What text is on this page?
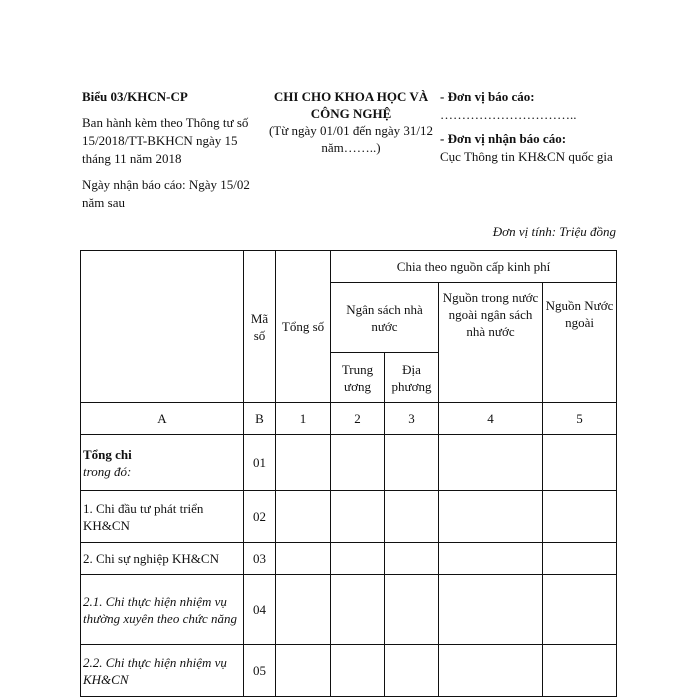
Biểu 03/KHCN-CP
Ban hành kèm theo Thông tư số 15/2018/TT-BKHCN ngày 15 tháng 11 năm 2018
Ngày nhận báo cáo: Ngày 15/02 năm sau
CHI CHO KHOA HỌC VÀ
CÔNG NGHỆ
(Từ ngày 01/01 đến ngày 31/12 năm……..)
- Đơn vị báo cáo:
…………………………..
- Đơn vị nhận báo cáo:
Cục Thông tin KH&CN quốc gia
Đơn vị tính: Triệu đồng
	Mã số	Tổng số	Chia theo nguồn cấp kinh phí			
			Ngân sách nhà nước		Nguồn trong nước ngoài ngân sách nhà nước	Nguồn Nước ngoài
			Trung ương	Địa phương		
A	B	1	2	3	4	5

Tổng chi
trong đó:	01					
1. Chi đầu tư phát triển KH&CN	02					
2. Chi sự nghiệp KH&CN	03					
2.1. Chi thực hiện nhiệm vụ thường xuyên theo chức năng	04					
2.2. Chi thực hiện nhiệm vụ KH&CN	05					
